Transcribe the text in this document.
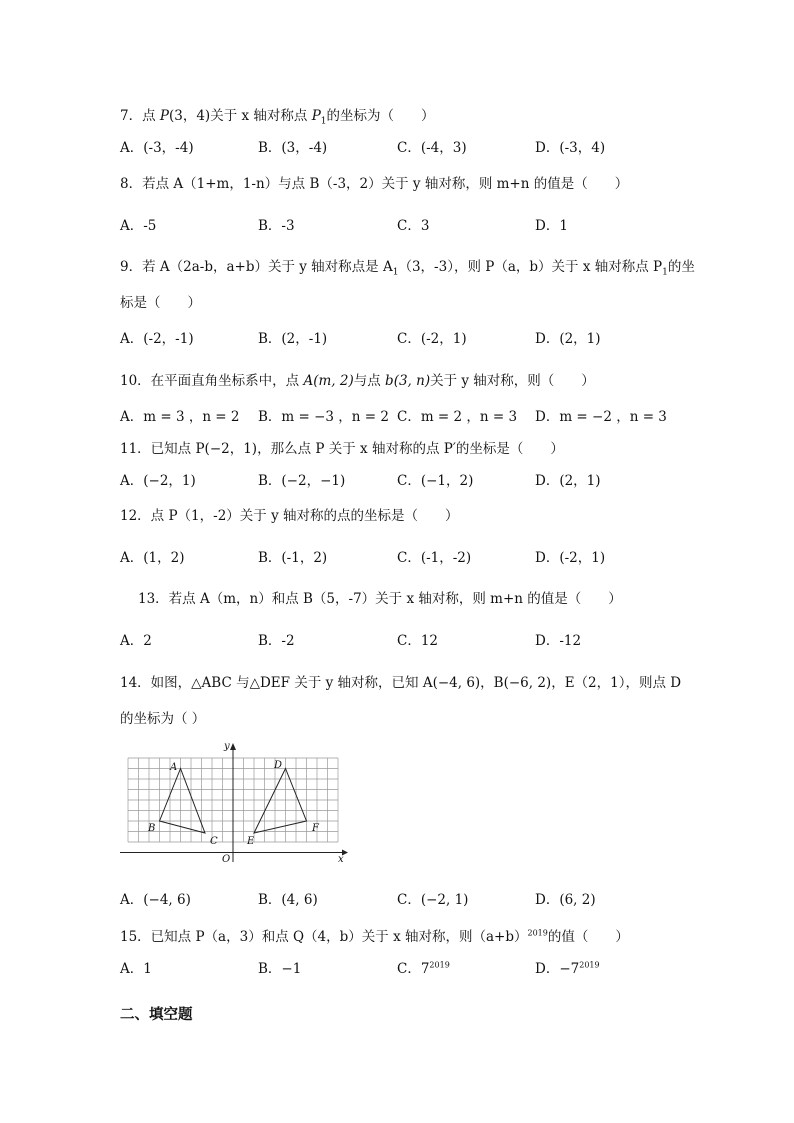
7．点 P(3，4)关于 x 轴对称点 $P_1$的坐标为（　　）
A．(-3，-4)	B．(3，-4)	C．(-4，3)	D．(-3，4)
8．若点 A（1+m，1-n）与点 B（-3，2）关于 y 轴对称，则 m+n 的值是（　　）
A．-5	B．-3	C．3	D．1
9．若 A（2a-b，a+b）关于 y 轴对称点是 $A_1(3$，-3），则 P（a，b）关于 x 轴对称点 $P_1$的坐
标是（　　）
A．(-2，-1)	B．(2，-1)	C．(-2，1)	D．(2，1)
10．在平面直角坐标系中，点 A(m, 2)与点 b(3, n)关于 y 轴对称，则（　　）
A．m = 3 ，n = 2 B．m = −3 ，n = 2 C．m = 2 ，n = 3 D．m = −2 ，n = 3
11．已知点 P(−2，1)，那么点 P 关于 x 轴对称的点 P′的坐标是（　　）
A．(−2，1)	B．(−2，−1)	C．(−1，2)	D．(2，1)
12．点 P（1，-2）关于 y 轴对称的点的坐标是（　　）
A．(1，2)	B．(-1，2)	C．(-1，-2)	D．(-2，1)
13．若点 A（m，n）和点 B（5，-7）关于 x 轴对称，则 m+n 的值是（　　）
A．2	B．-2	C．12	D．-12
14．如图，△ABC 与△DEF 关于 y 轴对称，已知 A(−4, 6)，B(−6, 2)，E（2，1），则点 D
的坐标为（ ）
y
x
O
A
B
C
D
E
F
A．(−4, 6)	B．(4, 6)	C．(−2, 1)	D．(6, 2)
15．已知点 P（a，3）和点 Q（4，b）关于 x 轴对称，则$(a+b)^{2019}$的值（　　）
A．1	B．−1	C．$7^{2019}$	D．$-7^{2019}$
二、填空题
